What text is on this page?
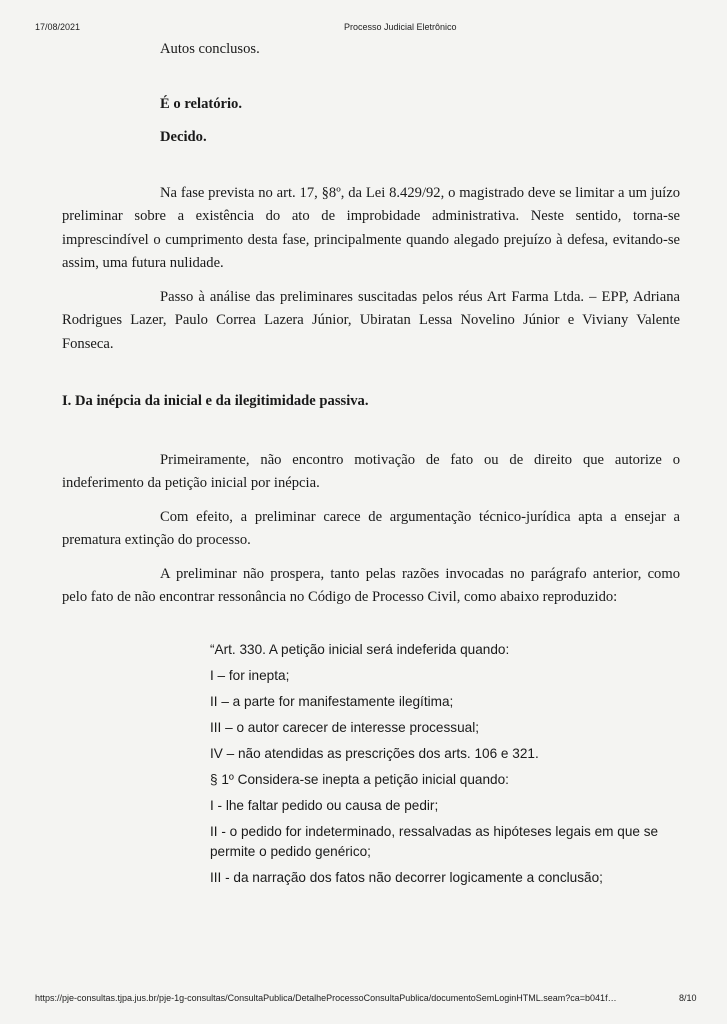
17/08/2021	Processo Judicial Eletrônico

Autos conclusos.

É o relatório.

Decido.

Na fase prevista no art. 17, §8º, da Lei 8.429/92, o magistrado deve se limitar a um juízo preliminar sobre a existência do ato de improbidade administrativa. Neste sentido, torna-se imprescindível o cumprimento desta fase, principalmente quando alegado prejuízo à defesa, evitando-se assim, uma futura nulidade.

Passo à análise das preliminares suscitadas pelos réus Art Farma Ltda. – EPP, Adriana Rodrigues Lazer, Paulo Correa Lazera Júnior, Ubiratan Lessa Novelino Júnior e Viviany Valente Fonseca.

I. Da inépcia da inicial e da ilegitimidade passiva.

Primeiramente, não encontro motivação de fato ou de direito que autorize o indeferimento da petição inicial por inépcia.

Com efeito, a preliminar carece de argumentação técnico-jurídica apta a ensejar a prematura extinção do processo.

A preliminar não prospera, tanto pelas razões invocadas no parágrafo anterior, como pelo fato de não encontrar ressonância no Código de Processo Civil, como abaixo reproduzido:

“Art. 330. A petição inicial será indeferida quando:

I – for inepta;

II – a parte for manifestamente ilegítima;

III – o autor carecer de interesse processual;

IV – não atendidas as prescrições dos arts. 106 e 321.

§ 1º Considera-se inepta a petição inicial quando:

I - lhe faltar pedido ou causa de pedir;

II - o pedido for indeterminado, ressalvadas as hipóteses legais em que se permite o pedido genérico;

III - da narração dos fatos não decorrer logicamente a conclusão;

https://pje-consultas.tjpa.jus.br/pje-1g-consultas/ConsultaPublica/DetalheProcessoConsultaPublica/documentoSemLoginHTML.seam?ca=b041f…	8/10
